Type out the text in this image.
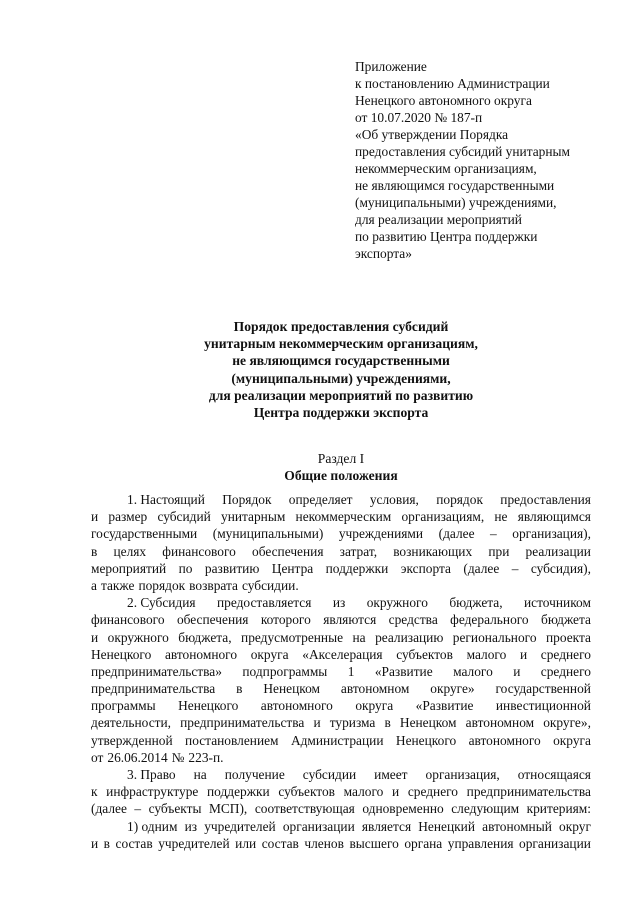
Приложение
к постановлению Администрации
Ненецкого автономного округа
от 10.07.2020 № 187-п
«Об утверждении Порядка
предоставления субсидий унитарным
некоммерческим организациям,
не являющимся государственными
(муниципальными) учреждениями,
для реализации мероприятий
по развитию Центра поддержки
экспорта»
Порядок предоставления субсидий
унитарным некоммерческим организациям,
не являющимся государственными
(муниципальными) учреждениями,
для реализации мероприятий по развитию
Центра поддержки экспорта
Раздел I
Общие положения
1. Настоящий Порядок определяет условия, порядок предоставления
и размер субсидий унитарным некоммерческим организациям, не являющимся
государственными (муниципальными) учреждениями (далее – организация),
в целях финансового обеспечения затрат, возникающих при реализации
мероприятий по развитию Центра поддержки экспорта (далее – субсидия),
а также порядок возврата субсидии.
2. Субсидия предоставляется из окружного бюджета, источником
финансового обеспечения которого являются средства федерального бюджета
и окружного бюджета, предусмотренные на реализацию регионального проекта
Ненецкого автономного округа «Акселерация субъектов малого и среднего
предпринимательства» подпрограммы 1 «Развитие малого и среднего
предпринимательства в Ненецком автономном округе» государственной
программы Ненецкого автономного округа «Развитие инвестиционной
деятельности, предпринимательства и туризма в Ненецком автономном округе»,
утвержденной постановлением Администрации Ненецкого автономного округа
от 26.06.2014 № 223-п.
3. Право на получение субсидии имеет организация, относящаяся
к инфраструктуре поддержки субъектов малого и среднего предпринимательства
(далее – субъекты МСП), соответствующая одновременно следующим критериям:
1) одним из учредителей организации является Ненецкий автономный округ
и в состав учредителей или состав членов высшего органа управления организации
